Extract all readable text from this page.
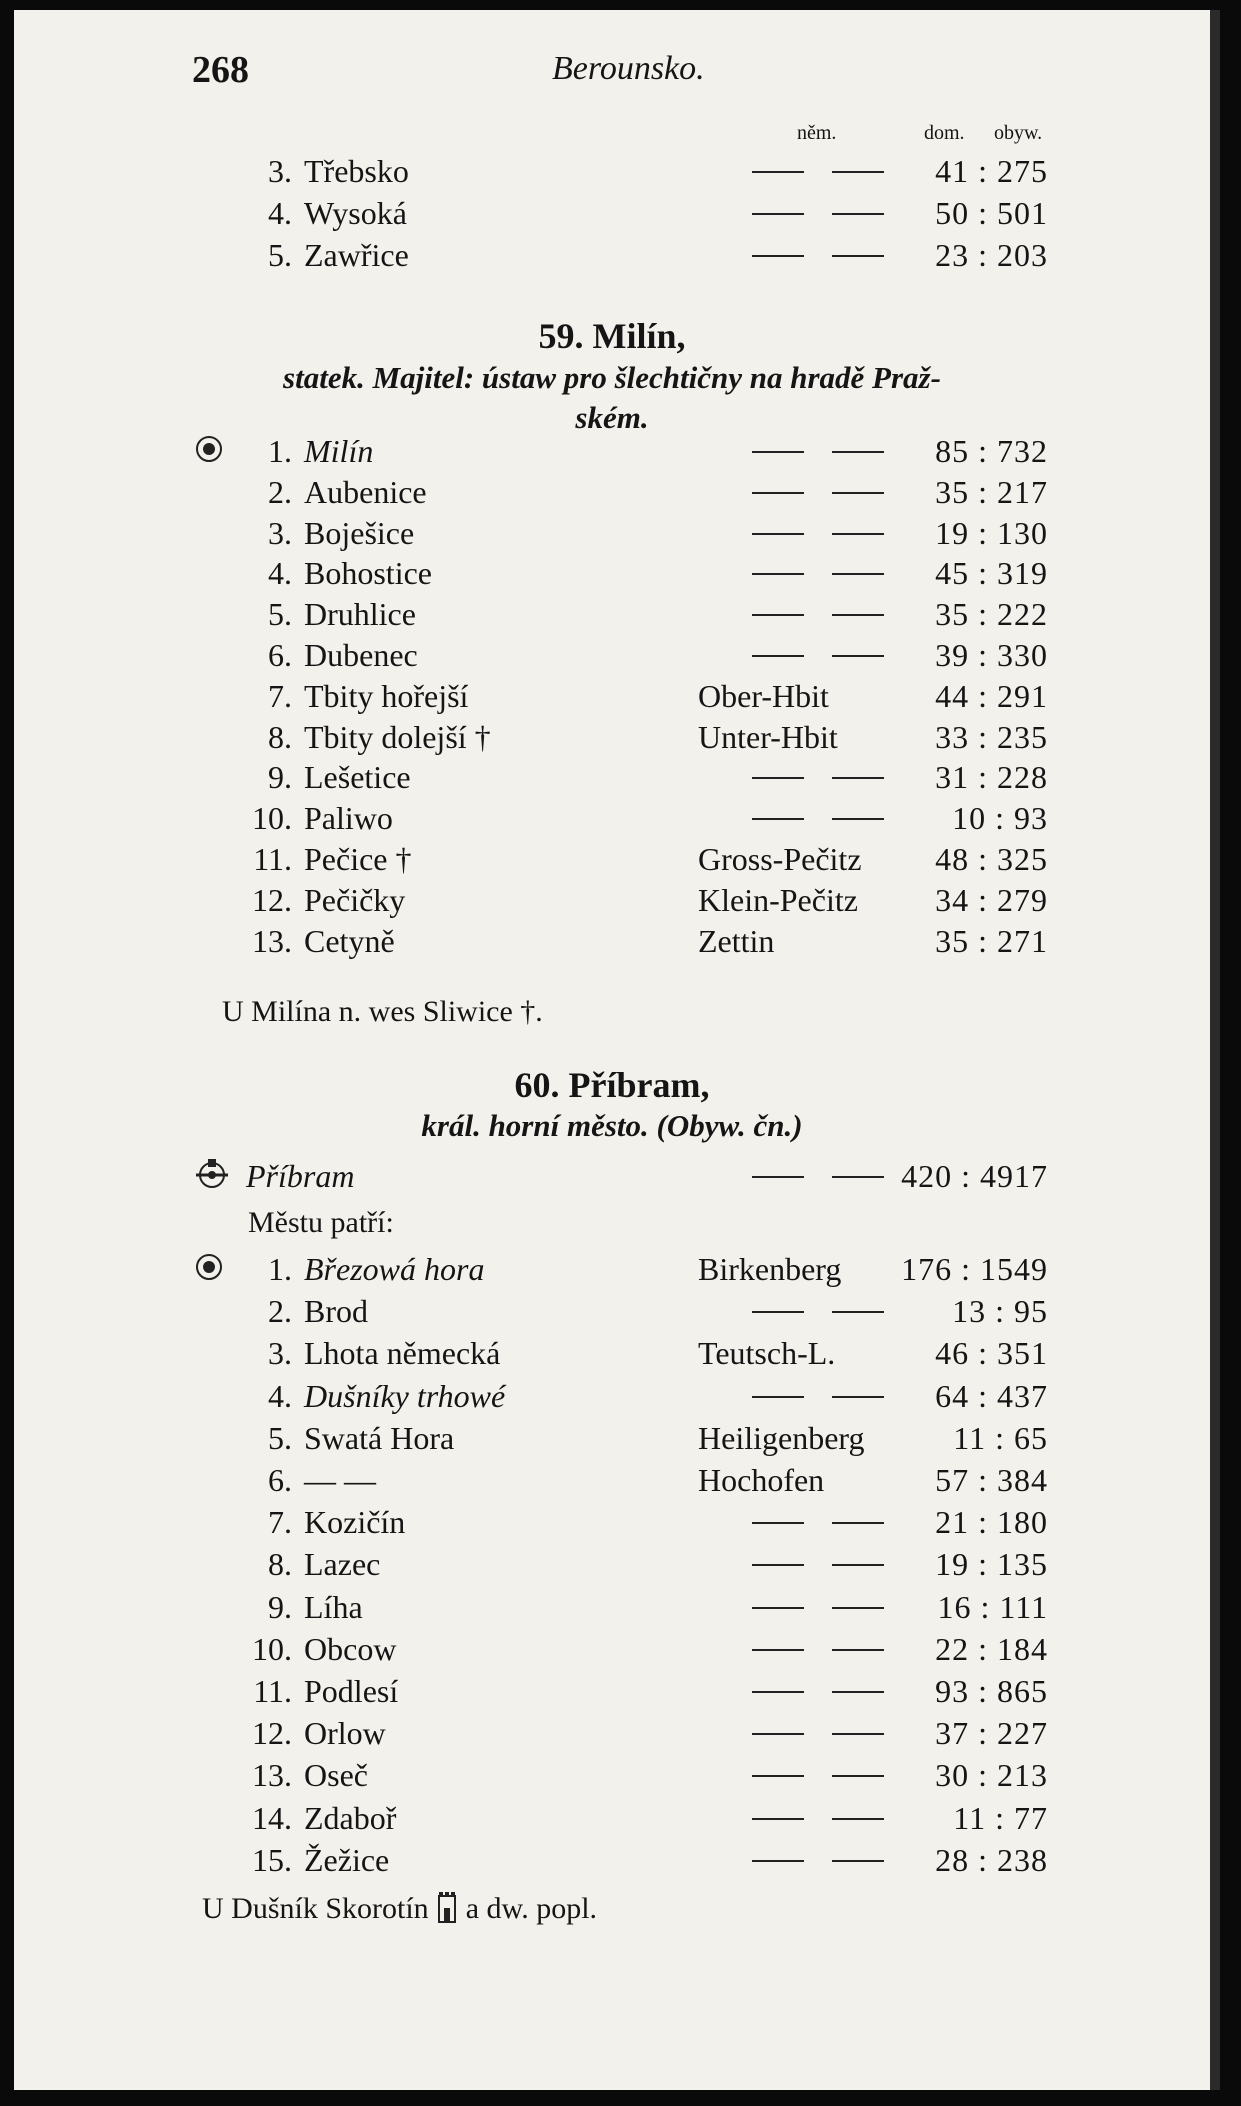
268	Berounsko.
něm.	dom. obyw.
3. Třebsko	41 : 275
4. Wysoká	50 : 501
5. Zawřice	23 : 203
59. Milín,
statek. Majitel: ústaw pro šlechtičny na hradě Praž-
ském.
1. Milín	85 : 732
2. Aubenice	35 : 217
3. Boješice	19 : 130
4. Bohostice	45 : 319
5. Druhlice	35 : 222
6. Dubenec	39 : 330
7. Tbity hořejší	Ober-Hbit	44 : 291
8. Tbity dolejší †	Unter-Hbit	33 : 235
9. Lešetice	31 : 228
10. Paliwo	10 : 93
11. Pečice †	Gross-Pečitz	48 : 325
12. Pečičky	Klein-Pečitz	34 : 279
13. Cetyně	Zettin	35 : 271
U Milína n. wes Sliwice †.
60. Příbram,
král. horní město. (Obyw. čn.)
Příbram	420 : 4917
Městu patří:
1. Březowá hora	Birkenberg	176 : 1549
2. Brod	13 : 95
3. Lhota německá	Teutsch-L.	46 : 351
4. Dušníky trhowé	64 : 437
5. Swatá Hora	Heiligenberg	11 : 65
6. — —	Hochofen	57 : 384
7. Kozičín	21 : 180
8. Lazec	19 : 135
9. Líha	16 : 111
10. Obcow	22 : 184
11. Podlesí	93 : 865
12. Orlow	37 : 227
13. Oseč	30 : 213
14. Zdaboř	11 : 77
15. Žežice	28 : 238
U Dušník Skorotín a dw. popl.
